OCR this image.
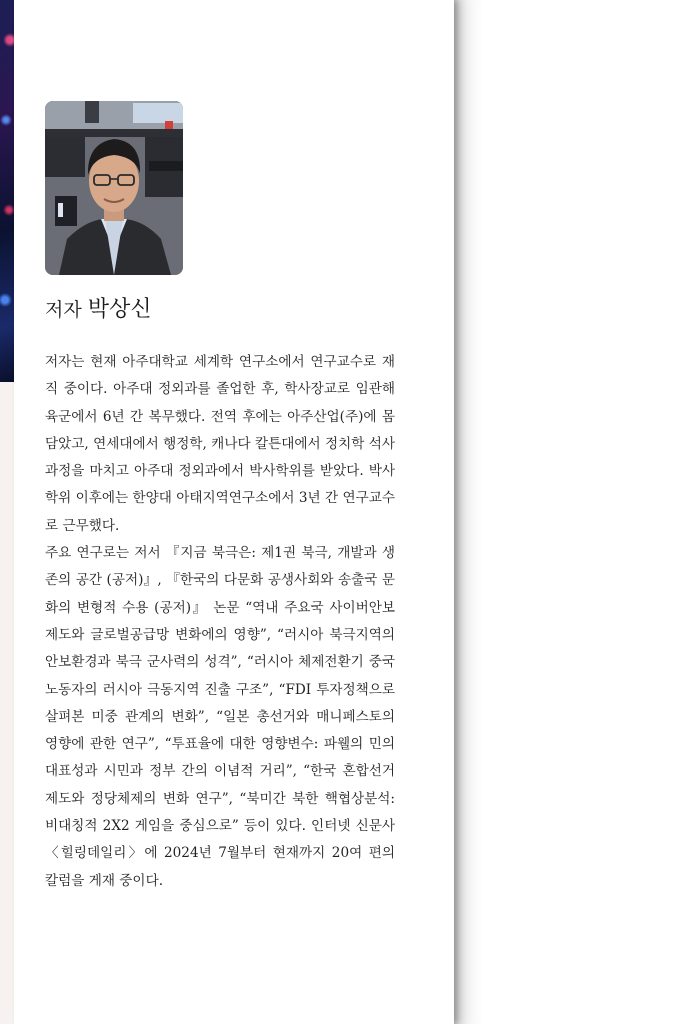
저자 박상신

저자는 현재 아주대학교 세계학 연구소에서 연구교수로 재직 중이다. 아주대 정외과를 졸업한 후, 학사장교로 임관해 육군에서 6년 간 복무했다. 전역 후에는 아주산업(주)에 몸담았고, 연세대에서 행정학, 캐나다 칼튼대에서 정치학 석사과정을 마치고 아주대 정외과에서 박사학위를 받았다. 박사학위 이후에는 한양대 아태지역연구소에서 3년 간 연구교수로 근무했다.

주요 연구로는 저서 『지금 북극은: 제1권 북극, 개발과 생존의 공간 (공저)』, 『한국의 다문화 공생사회와 송출국 문화의 변형적 수용 (공저)』 논문 “역내 주요국 사이버안보 제도와 글로벌공급망 변화에의 영향”, “러시아 북극지역의 안보환경과 북극 군사력의 성격”, “러시아 체제전환기 중국 노동자의 러시아 극동지역 진출 구조”, “FDI 투자정책으로 살펴본 미중 관계의 변화”, “일본 총선거와 매니페스토의 영향에 관한 연구”, “투표율에 대한 영향변수: 파웰의 민의대표성과 시민과 정부 간의 이념적 거리”, “한국 혼합선거 제도와 정당체제의 변화 연구”, “북미간 북한 핵협상분석: 비대칭적 2X2 게임을 중심으로” 등이 있다. 인터넷 신문사 〈힐링데일리〉에 2024년 7월부터 현재까지 20여 편의 칼럼을 게재 중이다.
